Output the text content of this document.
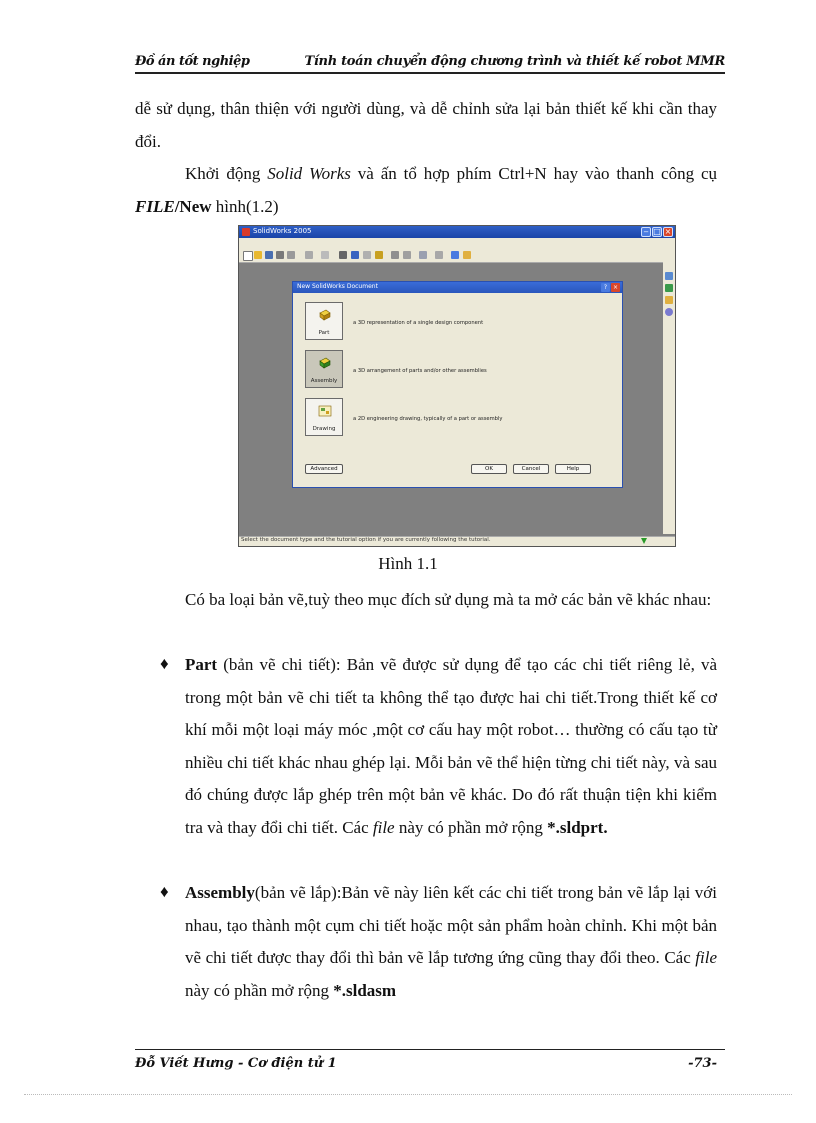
Đồ án tốt nghiệp	Tính toán chuyển động chương trình và thiết kế robot MMR
dễ sử dụng, thân thiện với người dùng, và dễ chỉnh sửa lại bản thiết kế khi cần thay đổi.
Khởi động Solid Works và ấn tổ hợp phím Ctrl+N hay vào thanh công cụ FILE/New hình(1.2)
SolidWorks 2005	‒ □ ×
New SolidWorks Document	? ×
Part
a 3D representation of a single design component
Assembly
a 3D arrangement of parts and/or other assemblies
Drawing
a 2D engineering drawing, typically of a part or assembly
Advanced	OK	Cancel	Help
Select the document type and the tutorial option if you are currently following the tutorial.
Hình 1.1
Có ba loại bản vẽ,tuỳ theo mục đích sử dụng mà ta mở các bản vẽ khác nhau:
♦ Part (bản vẽ chi tiết): Bản vẽ được sử dụng để tạo các chi tiết riêng lẻ, và trong một bản vẽ chi tiết ta không thể tạo được hai chi tiết.Trong thiết kế cơ khí mỗi một loại máy móc ,một cơ cấu hay một robot… thường có cấu tạo từ nhiều chi tiết khác nhau ghép lại. Mỗi bản vẽ thể hiện từng chi tiết này, và sau đó chúng được lắp ghép trên một bản vẽ khác. Do đó rất thuận tiện khi kiểm tra và thay đổi chi tiết. Các file này có phần mở rộng *.sldprt.
♦ Assembly(bản vẽ lắp):Bản vẽ này liên kết các chi tiết trong bản vẽ lắp lại với nhau, tạo thành một cụm chi tiết hoặc một sản phẩm hoàn chỉnh. Khi một bản vẽ chi tiết được thay đổi thì bản vẽ lắp tương ứng cũng thay đổi theo. Các file này có phần mở rộng *.sldasm
Đỗ Viết Hưng - Cơ điện tử 1	-73-
